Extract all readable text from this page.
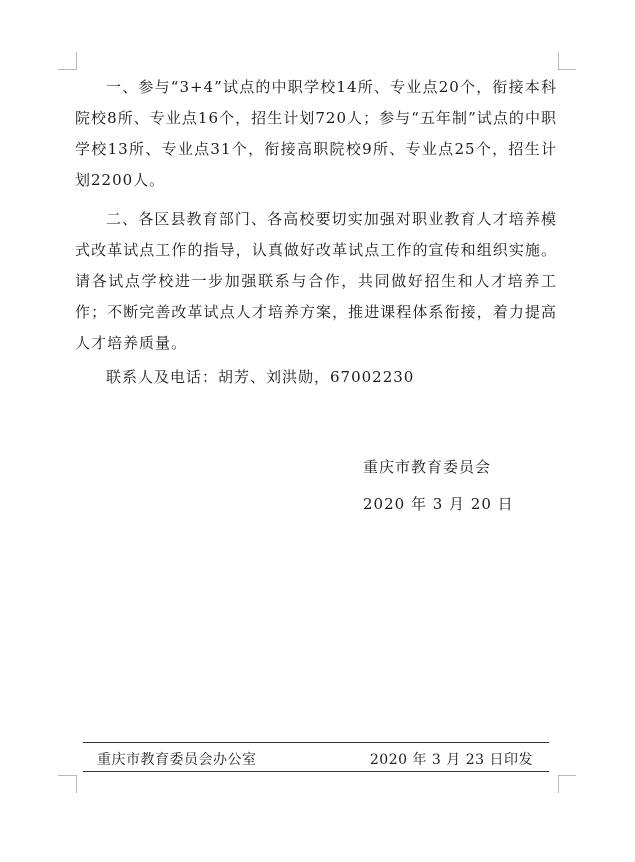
一、参与“3+4”试点的中职学校14所、专业点20个，衔接本科院校8所、专业点16个，招生计划720人；参与“五年制”试点的中职学校13所、专业点31个，衔接高职院校9所、专业点25个，招生计划2200人。

二、各区县教育部门、各高校要切实加强对职业教育人才培养模式改革试点工作的指导，认真做好改革试点工作的宣传和组织实施。请各试点学校进一步加强联系与合作，共同做好招生和人才培养工作；不断完善改革试点人才培养方案，推进课程体系衔接，着力提高人才培养质量。

联系人及电话：胡芳、刘洪勋，67002230

重庆市教育委员会
2020 年 3 月 20 日
重庆市教育委员会办公室	2020 年 3 月 23 日印发
